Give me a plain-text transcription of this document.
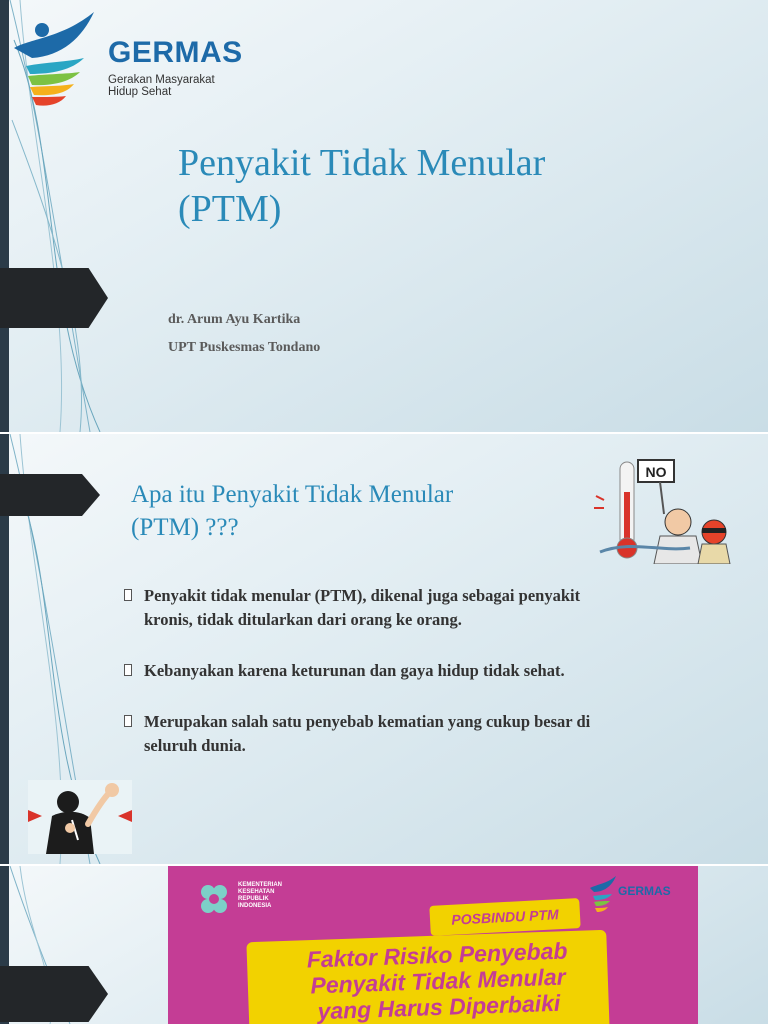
GERMAS
Gerakan Masyarakat
Hidup Sehat
Penyakit Tidak Menular
(PTM)
dr. Arum Ayu Kartika
UPT Puskesmas Tondano
Apa itu Penyakit Tidak Menular
(PTM) ???
NO
Penyakit tidak menular (PTM), dikenal juga sebagai penyakit
kronis, tidak ditularkan dari orang ke orang.
Kebanyakan karena keturunan dan gaya hidup tidak sehat.
Merupakan salah satu penyebab kematian yang cukup besar di
seluruh dunia.
KEMENTERIAN
KESEHATAN
REPUBLIK
INDONESIA
GERMAS
POSBINDU PTM
Faktor Risiko Penyebab
Penyakit Tidak Menular
yang Harus Diperbaiki
